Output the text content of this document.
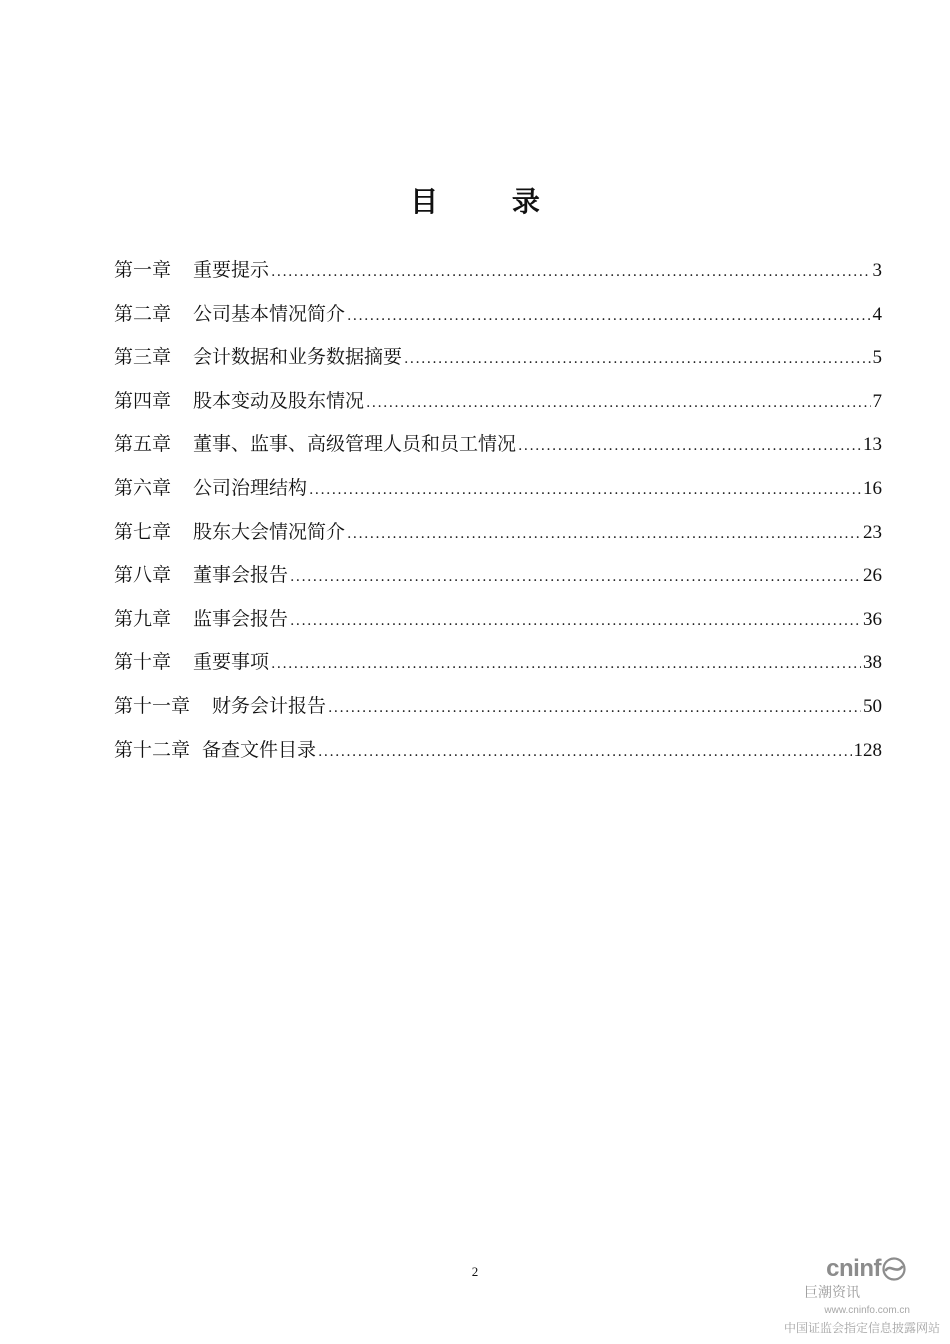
目 录
第一章 重要提示 .....	3
第二章 公司基本情况简介 .....	4
第三章 会计数据和业务数据摘要 .....	5
第四章 股本变动及股东情况 .....	7
第五章 董事、监事、高级管理人员和员工情况 .....	13
第六章 公司治理结构 .....	16
第七章 股东大会情况简介 .....	23
第八章 董事会报告 .....	26
第九章 监事会报告 .....	36
第十章 重要事项 .....	38
第十一章 财务会计报告 .....	50
第十二章 备查文件目录 .....	128
2	cninf
巨潮资讯
www.cninfo.com.cn
中国证监会指定信息披露网站
